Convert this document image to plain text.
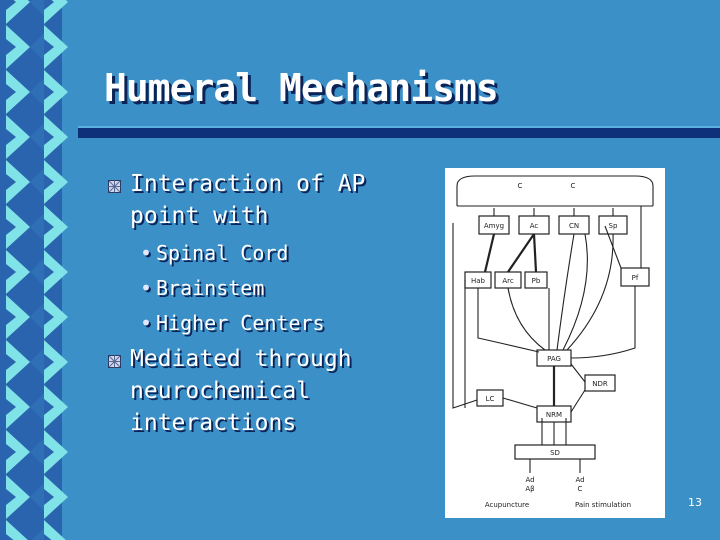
Humeral Mechanisms
Interaction of AP
point with
• Spinal Cord
• Brainstem
• Higher Centers
Mediated through
neurochemical
interactions
C	C
Amyg	Ac	CN	Sp
Hab Arc	Pb	Pf
PAG
NDR
LC
NRM
SD
Ad
Aβ
Ad
C
Acupuncture	Pain stimulation	13
